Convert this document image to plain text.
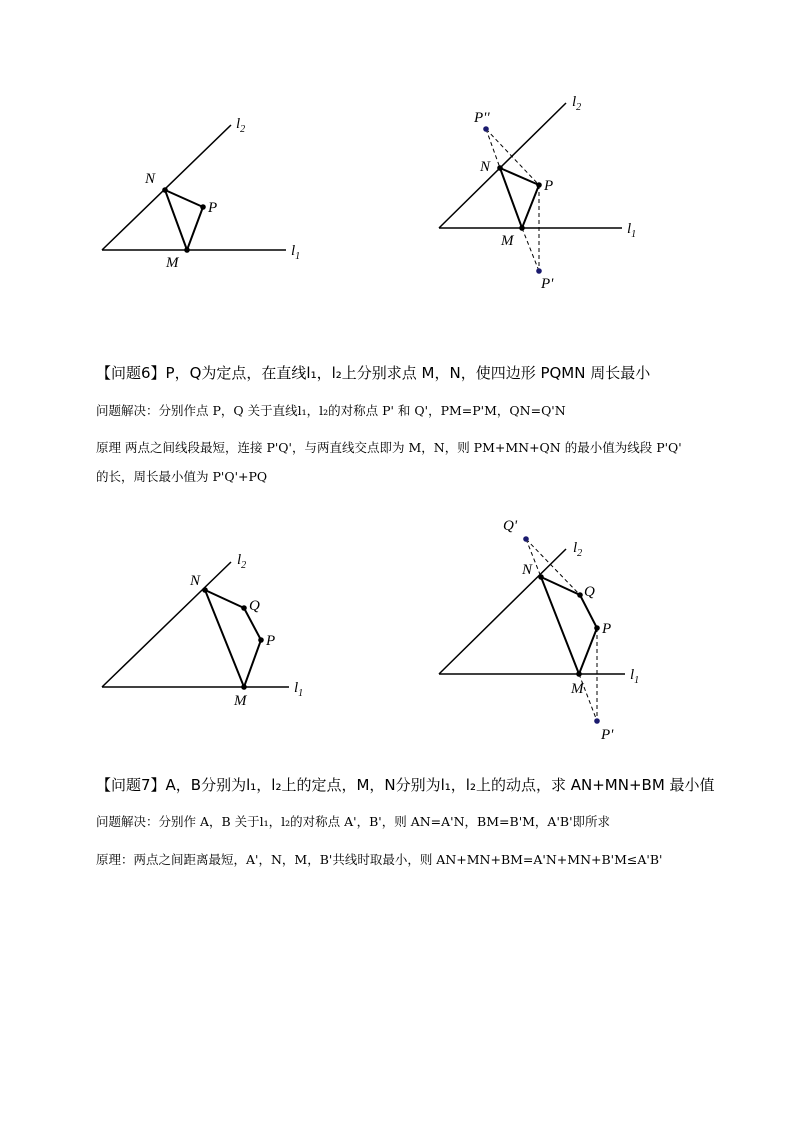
$l_2$
$l_1$
N
P
M
$l_2$
$l_1$
P''
N
P
M
P'
$l_2$
$l_1$
N
Q
P
M
$l_2$
$l_1$
Q'
N
Q
P
M
P'
【问题6】P，Q为定点，在直线l₁，l₂上分别求点 M，N，使四边形 PQMN 周长最小
问题解决：分别作点 P，Q 关于直线l₁，l₂的对称点 P' 和 Q'，PM=P'M，QN=Q'N
原理 两点之间线段最短，连接 P'Q'，与两直线交点即为 M，N，则 PM+MN+QN 的最小值为线段 P'Q'
的长，周长最小值为 P'Q'+PQ
【问题7】A，B分别为l₁，l₂上的定点，M，N分别为l₁，l₂上的动点，求 AN+MN+BM 最小值
问题解决：分别作 A，B 关于l₁，l₂的对称点 A'，B'，则 AN=A'N，BM=B'M，A'B'即所求
原理：两点之间距离最短，A'，N，M，B'共线时取最小，则 AN+MN+BM=A'N+MN+B'M≤A'B'
